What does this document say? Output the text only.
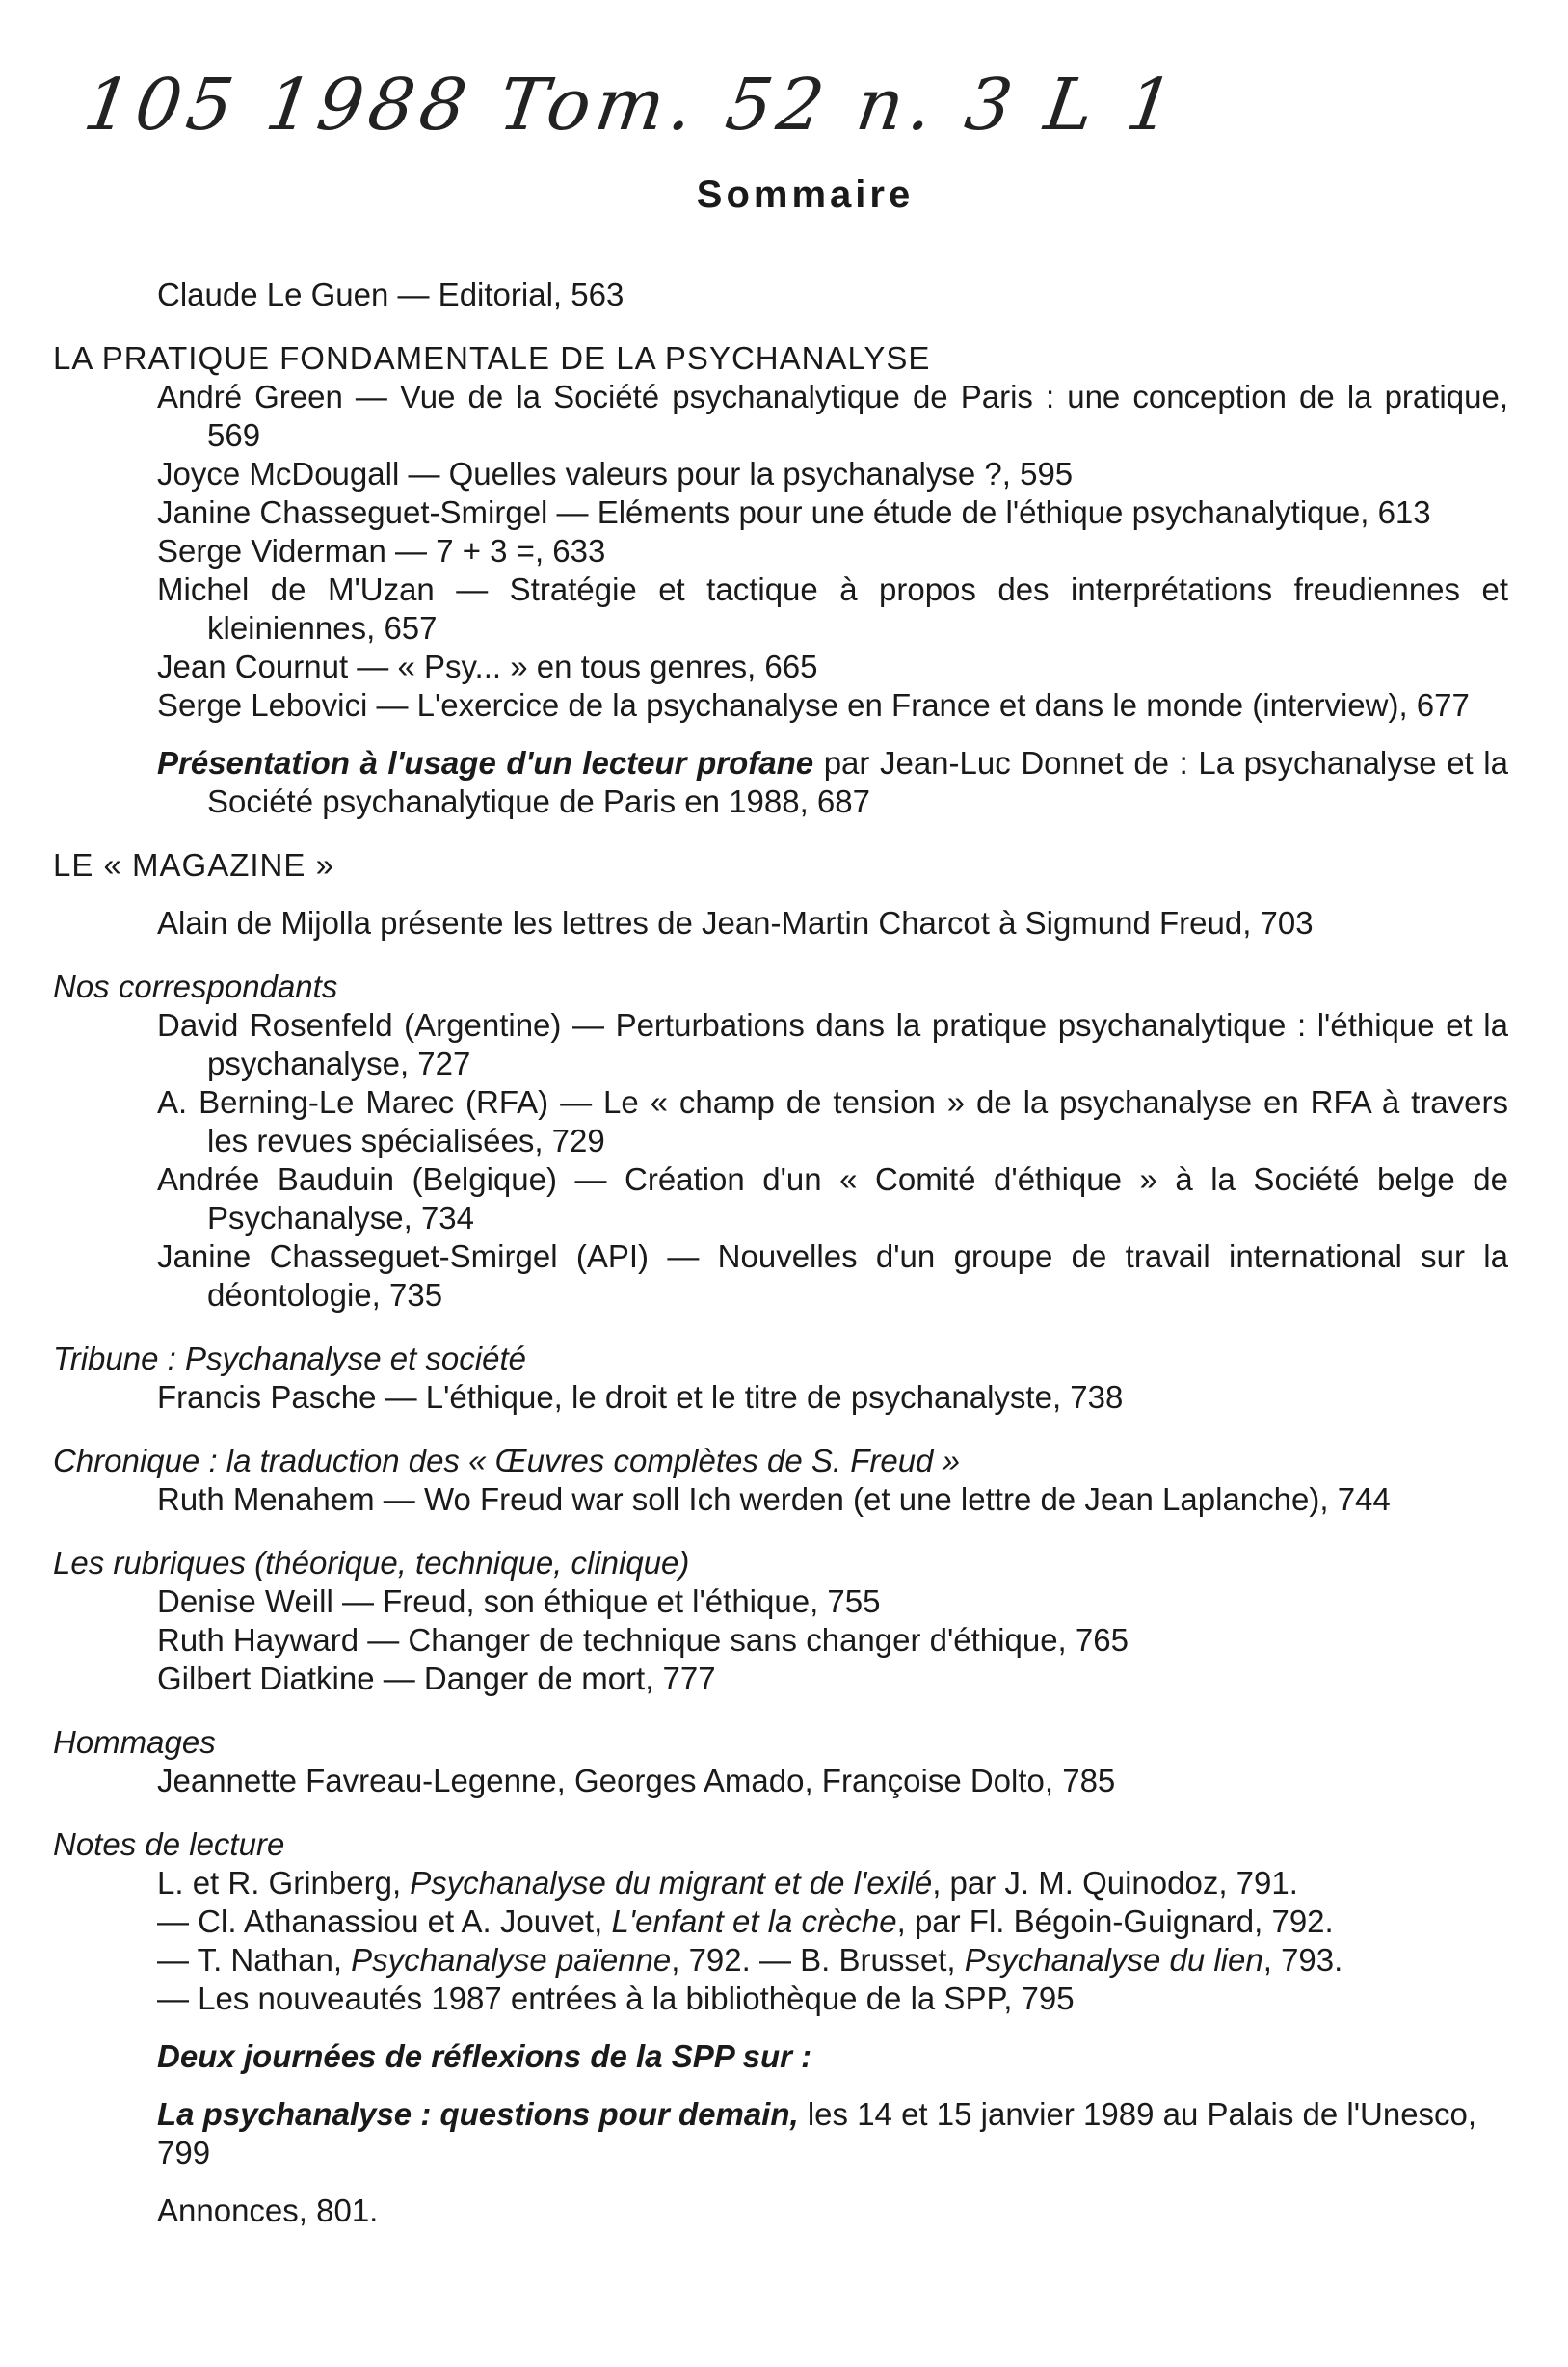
105 1988 Tom. 52 n. 3 L 1
Sommaire

Claude Le Guen — Editorial, 563

LA PRATIQUE FONDAMENTALE DE LA PSYCHANALYSE

André Green — Vue de la Société psychanalytique de Paris : une conception de la pratique, 569

Joyce McDougall — Quelles valeurs pour la psychanalyse ?, 595

Janine Chasseguet-Smirgel — Eléments pour une étude de l'éthique psychanalytique, 613

Serge Viderman — 7 + 3 =, 633

Michel de M'Uzan — Stratégie et tactique à propos des interprétations freudiennes et kleiniennes, 657

Jean Cournut — « Psy... » en tous genres, 665

Serge Lebovici — L'exercice de la psychanalyse en France et dans le monde (interview), 677

Présentation à l'usage d'un lecteur profane par Jean-Luc Donnet de : La psychanalyse et la Société psychanalytique de Paris en 1988, 687

LE « MAGAZINE »

Alain de Mijolla présente les lettres de Jean-Martin Charcot à Sigmund Freud, 703

Nos correspondants

David Rosenfeld (Argentine) — Perturbations dans la pratique psychanalytique : l'éthique et la psychanalyse, 727

A. Berning-Le Marec (RFA) — Le « champ de tension » de la psychanalyse en RFA à travers les revues spécialisées, 729

Andrée Bauduin (Belgique) — Création d'un « Comité d'éthique » à la Société belge de Psychanalyse, 734

Janine Chasseguet-Smirgel (API) — Nouvelles d'un groupe de travail international sur la déontologie, 735

Tribune : Psychanalyse et société

Francis Pasche — L'éthique, le droit et le titre de psychanalyste, 738

Chronique : la traduction des « Œuvres complètes de S. Freud »

Ruth Menahem — Wo Freud war soll Ich werden (et une lettre de Jean Laplanche), 744

Les rubriques (théorique, technique, clinique)

Denise Weill — Freud, son éthique et l'éthique, 755

Ruth Hayward — Changer de technique sans changer d'éthique, 765

Gilbert Diatkine — Danger de mort, 777

Hommages

Jeannette Favreau-Legenne, Georges Amado, Françoise Dolto, 785

Notes de lecture

L. et R. Grinberg, Psychanalyse du migrant et de l'exilé, par J. M. Quinodoz, 791.

— Cl. Athanassiou et A. Jouvet, L'enfant et la crèche, par Fl. Bégoin-Guignard, 792.

— T. Nathan, Psychanalyse païenne, 792. — B. Brusset, Psychanalyse du lien, 793.

— Les nouveautés 1987 entrées à la bibliothèque de la SPP, 795

Deux journées de réflexions de la SPP sur :

La psychanalyse : questions pour demain, les 14 et 15 janvier 1989 au Palais de l'Unesco, 799

Annonces, 801.
